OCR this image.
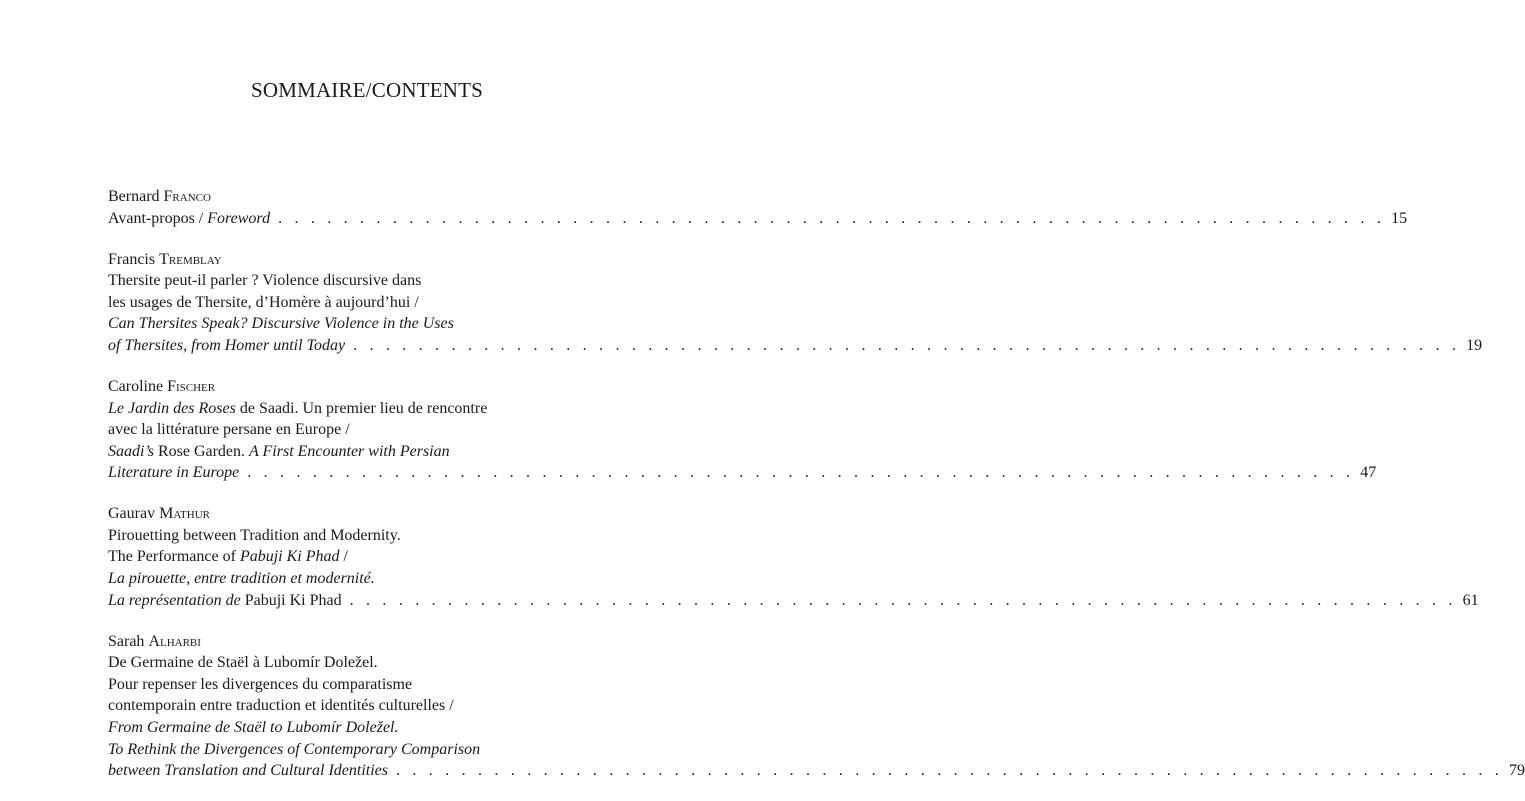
SOMMAIRE/CONTENTS
Bernard Franco
Avant-propos / Foreword . . . . . . . . . . . . . . . . . . . . . . . . . . . . . . . . . . . . . . . . . . . . . . . . . . . . . . . . . . . . . . . . . . . . 15
Francis Tremblay
Thersite peut-il parler ? Violence discursive dans
les usages de Thersite, d’Homère à aujourd’hui /
Can Thersites Speak? Discursive Violence in the Uses
of Thersites, from Homer until Today . . . . . . . . . . . . . . . . . . . . . . . . . . . . . . . . . . . . . . . . . . . . . . . . . . . . . . . . . . . . . . . . . . . . 19
Caroline Fischer
Le Jardin des Roses de Saadi. Un premier lieu de rencontre
avec la littérature persane en Europe /
Saadi’s Rose Garden. A First Encounter with Persian
Literature in Europe . . . . . . . . . . . . . . . . . . . . . . . . . . . . . . . . . . . . . . . . . . . . . . . . . . . . . . . . . . . . . . . . . . . . 47
Gaurav Mathur
Pirouetting between Tradition and Modernity.
The Performance of Pabuji Ki Phad /
La pirouette, entre tradition et modernité.
La représentation de Pabuji Ki Phad . . . . . . . . . . . . . . . . . . . . . . . . . . . . . . . . . . . . . . . . . . . . . . . . . . . . . . . . . . . . . . . . . . . . 61
Sarah Alharbi
De Germaine de Staël à Lubomír Doležel.
Pour repenser les divergences du comparatisme
contemporain entre traduction et identités culturelles /
From Germaine de Staël to Lubomír Doležel.
To Rethink the Divergences of Contemporary Comparison
between Translation and Cultural Identities . . . . . . . . . . . . . . . . . . . . . . . . . . . . . . . . . . . . . . . . . . . . . . . . . . . . . . . . . . . . . . . . . . . . 79
